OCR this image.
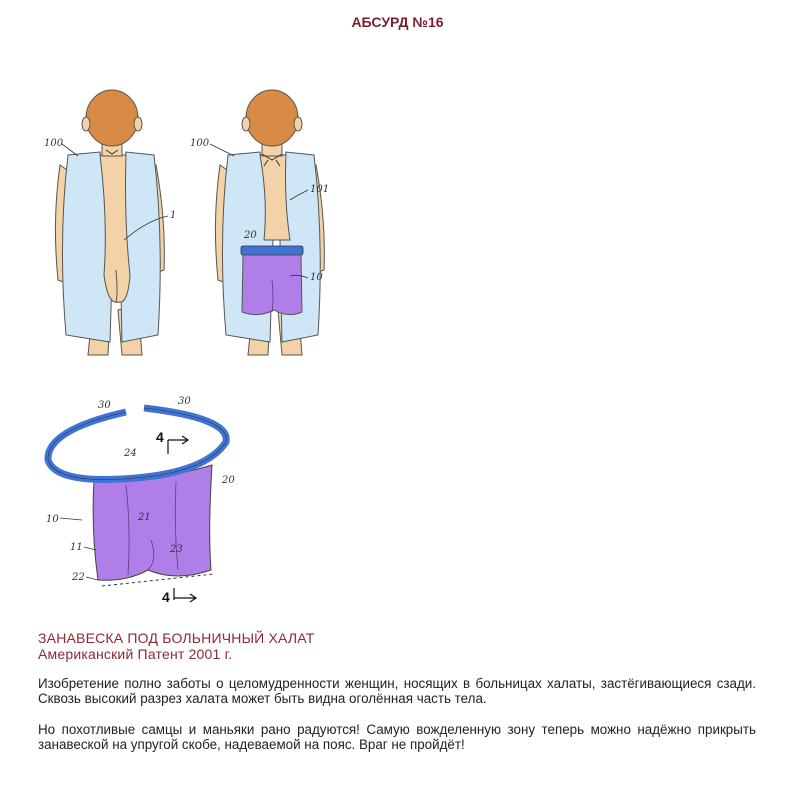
АБСУРД №16
100
1
100
101
20
10
4
4
30	30
24
20
21
23
10
11
22
ЗАНАВЕСКА ПОД БОЛЬНИЧНЫЙ ХАЛАТ
Американский Патент 2001 г.

Изобретение полно заботы о целомудренности женщин, носящих в больницах халаты, застёгивающиеся сзади. Сквозь высокий разрез халата может быть видна оголённая часть тела.

Но похотливые самцы и маньяки рано радуются! Самую вожделенную зону теперь можно надёжно прикрыть занавеской на упругой скобе, надеваемой на пояс. Враг не пройдёт!
